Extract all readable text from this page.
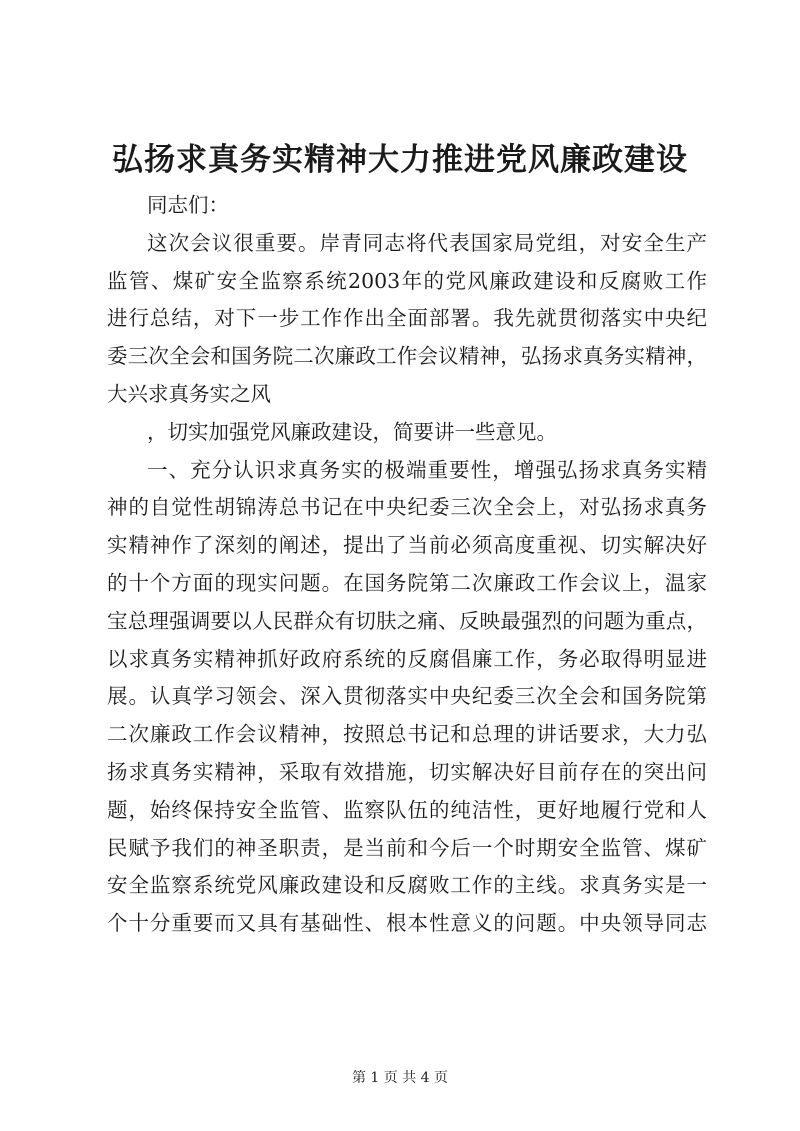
弘扬求真务实精神大力推进党风廉政建设
同志们：
这次会议很重要。岸青同志将代表国家局党组，对安全生产
监管、煤矿安全监察系统2003年的党风廉政建设和反腐败工作
进行总结，对下一步工作作出全面部署。我先就贯彻落实中央纪
委三次全会和国务院二次廉政工作会议精神，弘扬求真务实精神，
大兴求真务实之风
，切实加强党风廉政建设，简要讲一些意见。
一、充分认识求真务实的极端重要性，增强弘扬求真务实精
神的自觉性胡锦涛总书记在中央纪委三次全会上，对弘扬求真务
实精神作了深刻的阐述，提出了当前必须高度重视、切实解决好
的十个方面的现实问题。在国务院第二次廉政工作会议上，温家
宝总理强调要以人民群众有切肤之痛、反映最强烈的问题为重点，
以求真务实精神抓好政府系统的反腐倡廉工作，务必取得明显进
展。认真学习领会、深入贯彻落实中央纪委三次全会和国务院第
二次廉政工作会议精神，按照总书记和总理的讲话要求，大力弘
扬求真务实精神，采取有效措施，切实解决好目前存在的突出问
题，始终保持安全监管、监察队伍的纯洁性，更好地履行党和人
民赋予我们的神圣职责，是当前和今后一个时期安全监管、煤矿
安全监察系统党风廉政建设和反腐败工作的主线。求真务实是一
个十分重要而又具有基础性、根本性意义的问题。中央领导同志
第 1 页 共 4 页
